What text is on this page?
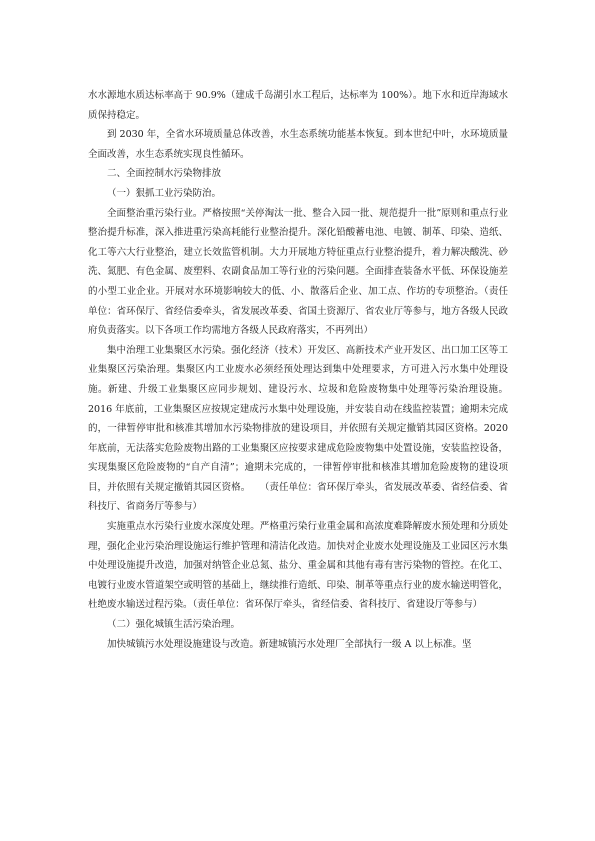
水水源地水质达标率高于 90.9%（建成千岛湖引水工程后，达标率为 100%）。地下水和近岸海域水质保持稳定。

到 2030 年，全省水环境质量总体改善，水生态系统功能基本恢复。到本世纪中叶，水环境质量全面改善，水生态系统实现良性循环。

二、全面控制水污染物排放

（一）狠抓工业污染防治。

全面整治重污染行业。严格按照“关停淘汰一批、整合入园一批、规范提升一批”原则和重点行业整治提升标准，深入推进重污染高耗能行业整治提升。深化铅酸蓄电池、电镀、制革、印染、造纸、化工等六大行业整治，建立长效监管机制。大力开展地方特征重点行业整治提升，着力解决酸洗、砂洗、氮肥、有色金属、废塑料、农副食品加工等行业的污染问题。全面排查装备水平低、环保设施差的小型工业企业。开展对水环境影响较大的低、小、散落后企业、加工点、作坊的专项整治。（责任单位：省环保厅、省经信委牵头，省发展改革委、省国土资源厅、省农业厅等参与，地方各级人民政府负责落实。以下各项工作均需地方各级人民政府落实，不再列出）

集中治理工业集聚区水污染。强化经济（技术）开发区、高新技术产业开发区、出口加工区等工业集聚区污染治理。集聚区内工业废水必须经预处理达到集中处理要求，方可进入污水集中处理设施。新建、升级工业集聚区应同步规划、建设污水、垃圾和危险废物集中处理等污染治理设施。2016 年底前，工业集聚区应按规定建成污水集中处理设施，并安装自动在线监控装置；逾期未完成的，一律暂停审批和核准其增加水污染物排放的建设项目，并依照有关规定撤销其园区资格。2020 年底前，无法落实危险废物出路的工业集聚区应按要求建成危险废物集中处置设施，安装监控设备，实现集聚区危险废物的“自产自清”；逾期未完成的，一律暂停审批和核准其增加危险废物的建设项目，并依照有关规定撤销其园区资格。　　（责任单位：省环保厅牵头，省发展改革委、省经信委、省科技厅、省商务厅等参与）

实施重点水污染行业废水深度处理。严格重污染行业重金属和高浓度难降解废水预处理和分质处理，强化企业污染治理设施运行维护管理和清洁化改造。加快对企业废水处理设施及工业园区污水集中处理设施提升改造，加强对纳管企业总氮、盐分、重金属和其他有毒有害污染物的管控。在化工、电镀行业废水管道架空或明管的基础上，继续推行造纸、印染、制革等重点行业的废水输送明管化，杜绝废水输送过程污染。（责任单位：省环保厅牵头，省经信委、省科技厅、省建设厅等参与）

（二）强化城镇生活污染治理。

加快城镇污水处理设施建设与改造。新建城镇污水处理厂全部执行一级 A 以上标准。坚
